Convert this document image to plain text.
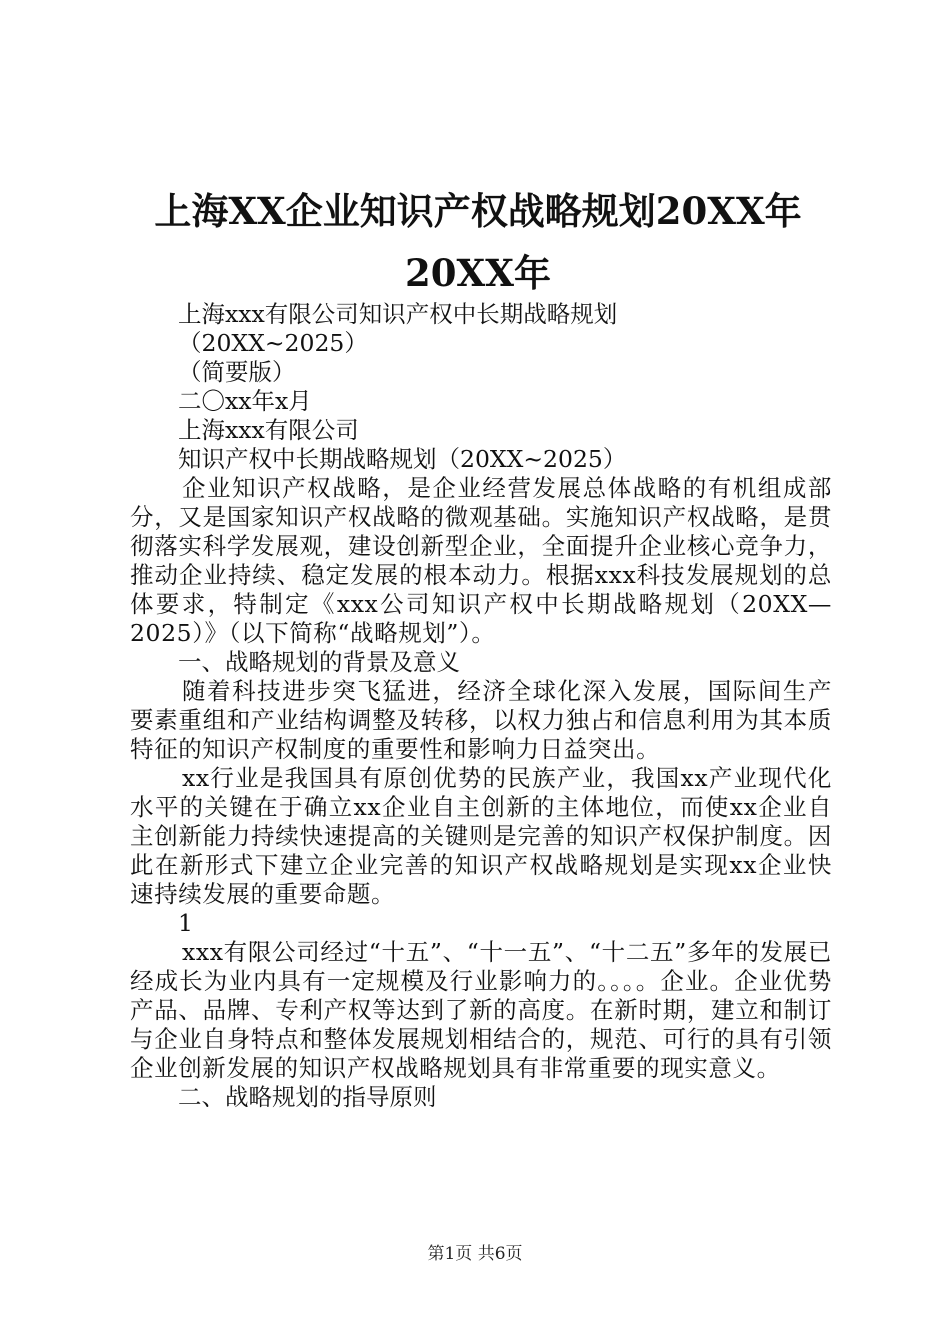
上海XX企业知识产权战略规划20XX年20XX年
上海xxx有限公司知识产权中长期战略规划
（20XX~2025）
（简要版）
二〇xx年x月
上海xxx有限公司
知识产权中长期战略规划（20XX~2025）
企业知识产权战略，是企业经营发展总体战略的有机组成部分，又是国家知识产权战略的微观基础。实施知识产权战略，是贯彻落实科学发展观，建设创新型企业，全面提升企业核心竞争力，推动企业持续、稳定发展的根本动力。根据xxx科技发展规划的总体要求，特制定《xxx公司知识产权中长期战略规划（20XX—2025）》（以下简称“战略规划”）。
一、战略规划的背景及意义
随着科技进步突飞猛进，经济全球化深入发展，国际间生产要素重组和产业结构调整及转移，以权力独占和信息利用为其本质特征的知识产权制度的重要性和影响力日益突出。
xx行业是我国具有原创优势的民族产业，我国xx产业现代化水平的关键在于确立xx企业自主创新的主体地位，而使xx企业自主创新能力持续快速提高的关键则是完善的知识产权保护制度。因此在新形式下建立企业完善的知识产权战略规划是实现xx企业快速持续发展的重要命题。
1
xxx有限公司经过“十五”、“十一五”、“十二五”多年的发展已经成长为业内具有一定规模及行业影响力的。。。。企业。企业优势产品、品牌、专利产权等达到了新的高度。在新时期，建立和制订与企业自身特点和整体发展规划相结合的，规范、可行的具有引领企业创新发展的知识产权战略规划具有非常重要的现实意义。
二、战略规划的指导原则
第1页 共6页
